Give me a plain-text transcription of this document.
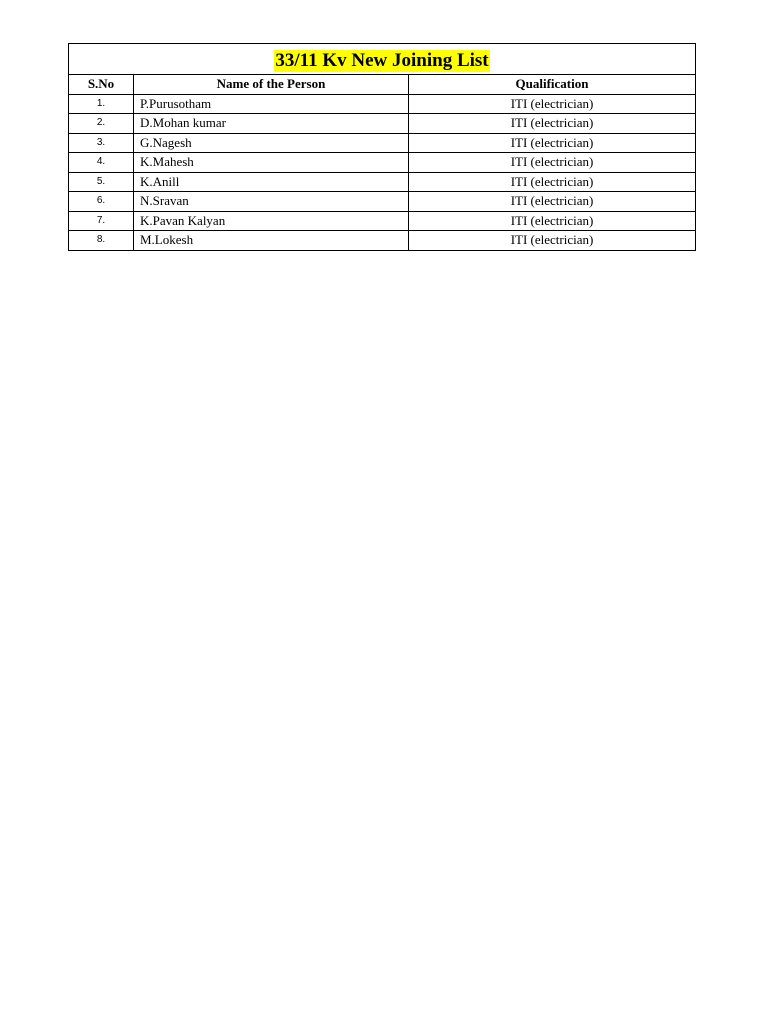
33/11 Kv New Joining List		
S.No	Name of the Person	Qualification
1.	P.Purusotham	ITI (electrician)
2.	D.Mohan kumar	ITI (electrician)
3.	G.Nagesh	ITI (electrician)
4.	K.Mahesh	ITI (electrician)
5.	K.Anill	ITI (electrician)
6.	N.Sravan	ITI (electrician)
7.	K.Pavan Kalyan	ITI (electrician)
8.	M.Lokesh	ITI (electrician)
